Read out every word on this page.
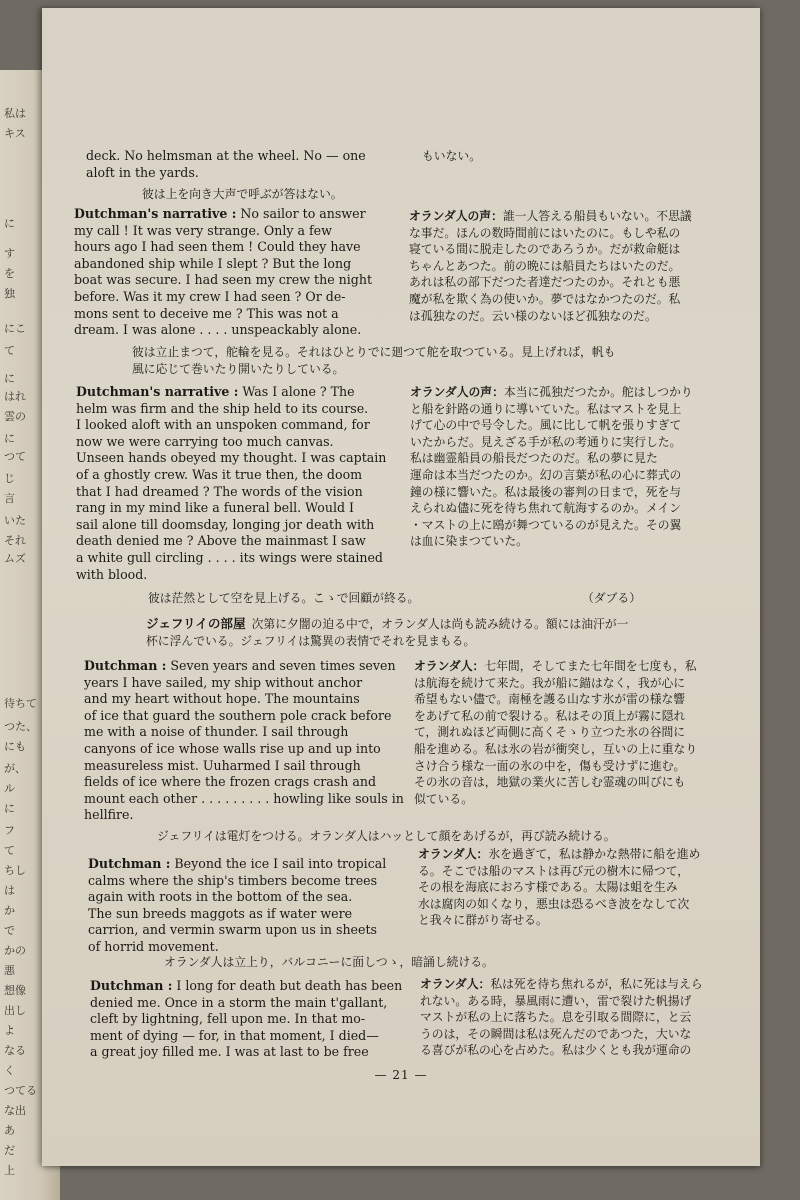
私は
キス
に
す
を
独
にこ
て
に
はれ
雲の
に
つて
じ
言
いた
それ
ムズ
待ちて
つた、
にも
が、
ル
に
フ
て
ちし
は
か
で
かの
悪
想像
出し
よ
なる
く
つてる
な出
あ
だ
上
deck. No helmsman at the wheel. No — one
aloft in the yards.
もいない。
彼は上を向き大声で呼ぶが答はない。
Dutchman's narrative : No sailor to answer
my call ! It was very strange. Only a few
hours ago I had seen them ! Could they have
abandoned ship while I slept ? But the long
boat was secure. I had seen my crew the night
before. Was it my crew I had seen ? Or de-
mons sent to deceive me ? This was not a
dream. I was alone . . . . unspeackably alone.
オランダ人の声：誰一人答える船員もいない。不思議
な事だ。ほんの数時間前にはいたのに。もしや私の
寝ている間に脱走したのであろうか。だが救命艇は
ちゃんとあつた。前の晩には船員たちはいたのだ。
あれは私の部下だつた者達だつたのか。それとも悪
魔が私を欺く為の使いか。夢ではなかつたのだ。私
は孤独なのだ。云い様のないほど孤独なのだ。
彼は立止まつて，舵輪を見る。それはひとりでに廻つて舵を取つている。見上げれば，帆も
風に応じて巻いたり開いたりしている。
Dutchman's narrative : Was I alone ? The
helm was firm and the ship held to its course.
I looked aloft with an unspoken command, for
now we were carrying too much canvas.
Unseen hands obeyed my thought. I was captain
of a ghostly crew. Was it true then, the doom
that I had dreamed ? The words of the vision
rang in my mind like a funeral bell. Would I
sail alone till doomsday, longing jor death with
death denied me ? Above the mainmast I saw
a white gull circling . . . . its wings were stained
with blood.
オランダ人の声：本当に孤独だつたか。舵はしつかり
と船を針路の通りに導いていた。私はマストを見上
げて心の中で号令した。風に比して帆を張りすぎて
いたからだ。見えざる手が私の考通りに実行した。
私は幽霊船員の船長だつたのだ。私の夢に見た
運命は本当だつたのか。幻の言葉が私の心に葬式の
鐘の様に響いた。私は最後の審判の日まで，死を与
えられぬ儘に死を待ち焦れて航海するのか。メイン
・マストの上に鴎が舞つているのが見えた。その翼
は血に染まつていた。
彼は茫然として空を見上げる。こゝで回顧が終る。	（ダブる）
ジェフリイの部屋 次第に夕闇の迫る中で，オランダ人は尚も読み続ける。額には油汗が一
杯に浮んでいる。ジェフリイは驚異の表情でそれを見まもる。
Dutchman : Seven years and seven times seven
years I have sailed, my ship without anchor
and my heart without hope. The mountains
of ice that guard the southern pole crack before
me with a noise of thunder. I sail through
canyons of ice whose walls rise up and up into
measureless mist. Uuharmed I sail through
fields of ice where the frozen crags crash and
mount each other . . . . . . . . . howling like souls in
hellfire.
オランダ人：七年間，そしてまた七年間を七度も，私
は航海を続けて来た。我が船に錨はなく，我が心に
希望もない儘で。南極を護る山なす氷が雷の様な響
をあげて私の前で裂ける。私はその頂上が霧に隠れ
て，測れぬほど両側に高くそゝり立つた氷の谷間に
船を進める。私は氷の岩が衝突し，互いの上に重なり
さけ合う様な一面の氷の中を，傷も受けずに進む。
その氷の音は，地獄の業火に苦しむ霊魂の叫びにも
似ている。
ジェフリイは電灯をつける。オランダ人はハッとして顔をあげるが，再び読み続ける。
Dutchman : Beyond the ice I sail into tropical
calms where the ship's timbers become trees
again with roots in the bottom of the sea.
The sun breeds maggots as if water were
carrion, and vermin swarm upon us in sheets
of horrid movement.
オランダ人：氷を過ぎて，私は静かな熱帯に船を進め
る。そこでは船のマストは再び元の樹木に帰つて，
その根を海底におろす様である。太陽は蛆を生み
水は腐肉の如くなり，悪虫は恐るべき波をなして次
と我々に群がり寄せる。
オランダ人は立上り，バルコニーに面しつゝ，暗誦し続ける。
Dutchman : I long for death but death has been
denied me. Once in a storm the main t'gallant,
cleft by lightning, fell upon me. In that mo-
ment of dying — for, in that moment, I died—
a great joy filled me. I was at last to be free
オランダ人：私は死を待ち焦れるが，私に死は与えら
れない。ある時，暴風雨に遭い，雷で裂けた帆揚げ
マストが私の上に落ちた。息を引取る間際に，と云
うのは，その瞬間は私は死んだのであつた，大いな
る喜びが私の心を占めた。私は少くとも我が運命の
— 21 —
